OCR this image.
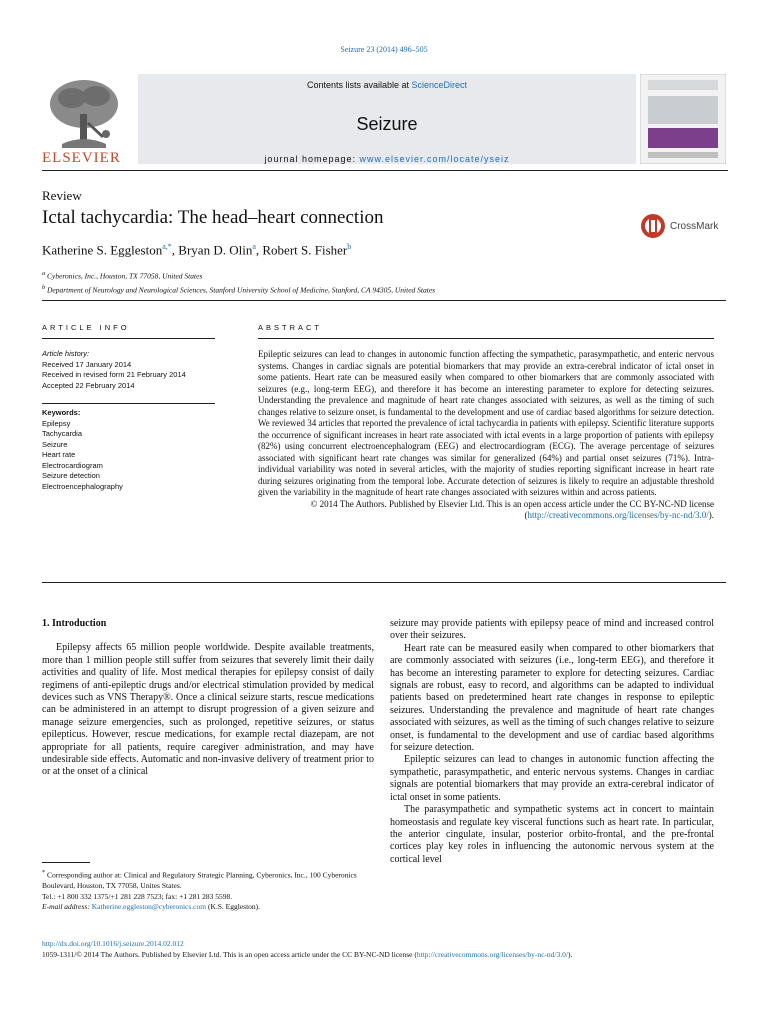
Seizure 23 (2014) 496–505
ELSEVIER
Contents lists available at ScienceDirect
Seizure
journal homepage: www.elsevier.com/locate/yseiz
Review
Ictal tachycardia: The head–heart connection	CrossMark
Katherine S. Eggleston$^{a,*}$, Bryan D. Olin$^a$, Robert S. Fisher$^b$
$^a$ Cyberonics, Inc., Houston, TX 77058, United States
$^b$ Department of Neurology and Neurological Sciences, Stanford University School of Medicine, Stanford, CA 94305, United States
ARTICLE INFO	ABSTRACT
Article history:
Received 17 January 2014
Received in revised form 21 February 2014
Accepted 22 February 2014
Keywords:
Epilepsy
Tachycardia
Seizure
Heart rate
Electrocardiogram
Seizure detection
Electroencephalography

Epileptic seizures can lead to changes in autonomic function affecting the sympathetic, parasympathetic, and enteric nervous systems. Changes in cardiac signals are potential biomarkers that may provide an extra-cerebral indicator of ictal onset in some patients. Heart rate can be measured easily when compared to other biomarkers that are commonly associated with seizures (e.g., long-term EEG), and therefore it has become an interesting parameter to explore for detecting seizures. Understanding the prevalence and magnitude of heart rate changes associated with seizures, as well as the timing of such changes relative to seizure onset, is fundamental to the development and use of cardiac based algorithms for seizure detection. We reviewed 34 articles that reported the prevalence of ictal tachycardia in patients with epilepsy. Scientific literature supports the occurrence of significant increases in heart rate associated with ictal events in a large proportion of patients with epilepsy (82%) using concurrent electroencephalogram (EEG) and electrocardiogram (ECG). The average percentage of seizures associated with significant heart rate changes was similar for generalized (64%) and partial onset seizures (71%). Intra-individual variability was noted in several articles, with the majority of studies reporting significant increase in heart rate during seizures originating from the temporal lobe. Accurate detection of seizures is likely to require an adjustable threshold given the variability in the magnitude of heart rate changes associated with seizures within and across patients.

© 2014 The Authors. Published by Elsevier Ltd. This is an open access article under the CC BY-NC-ND license (http://creativecommons.org/licenses/by-nc-nd/3.0/).

1. Introduction

Epilepsy affects 65 million people worldwide. Despite available treatments, more than 1 million people still suffer from seizures that severely limit their daily activities and quality of life. Most medical therapies for epilepsy consist of daily regimens of anti-epileptic drugs and/or electrical stimulation provided by medical devices such as VNS Therapy®. Once a clinical seizure starts, rescue medications can be administered in an attempt to disrupt progression of a given seizure and manage seizure emergencies, such as prolonged, repetitive seizures, or status epilepticus. However, rescue medications, for example rectal diazepam, are not appropriate for all patients, require caregiver administration, and may have undesirable side effects. Automatic and non-invasive delivery of treatment prior to or at the onset of a clinical

seizure may provide patients with epilepsy peace of mind and increased control over their seizures.

Heart rate can be measured easily when compared to other biomarkers that are commonly associated with seizures (i.e., long-term EEG), and therefore it has become an interesting parameter to explore for detecting seizures. Cardiac signals are robust, easy to record, and algorithms can be adapted to individual patients based on predetermined heart rate changes in response to epileptic seizures. Understanding the prevalence and magnitude of heart rate changes associated with seizures, as well as the timing of such changes relative to seizure onset, is fundamental to the development and use of cardiac based algorithms for seizure detection.

Epileptic seizures can lead to changes in autonomic function affecting the sympathetic, parasympathetic, and enteric nervous systems. Changes in cardiac signals are potential biomarkers that may provide an extra-cerebral indicator of ictal onset in some patients.

The parasympathetic and sympathetic systems act in concert to maintain homeostasis and regulate key visceral functions such as heart rate. In particular, the anterior cingulate, insular, posterior orbito-frontal, and the pre-frontal cortices play key roles in influencing the autonomic nervous system at the cortical level

* Corresponding author at: Clinical and Regulatory Strategic Planning, Cyberonics, Inc., 100 Cyberonics Boulevard, Houston, TX 77058, Unites States.
Tel.: +1 800 332 1375/+1 281 228 7523; fax: +1 281 283 5598.
E-mail address: Katherine.eggleston@cyberonics.com (K.S. Eggleston).
http://dx.doi.org/10.1016/j.seizure.2014.02.012
1059-1311/© 2014 The Authors. Published by Elsevier Ltd. This is an open access article under the CC BY-NC-ND license (http://creativecommons.org/licenses/by-nc-nd/3.0/).
